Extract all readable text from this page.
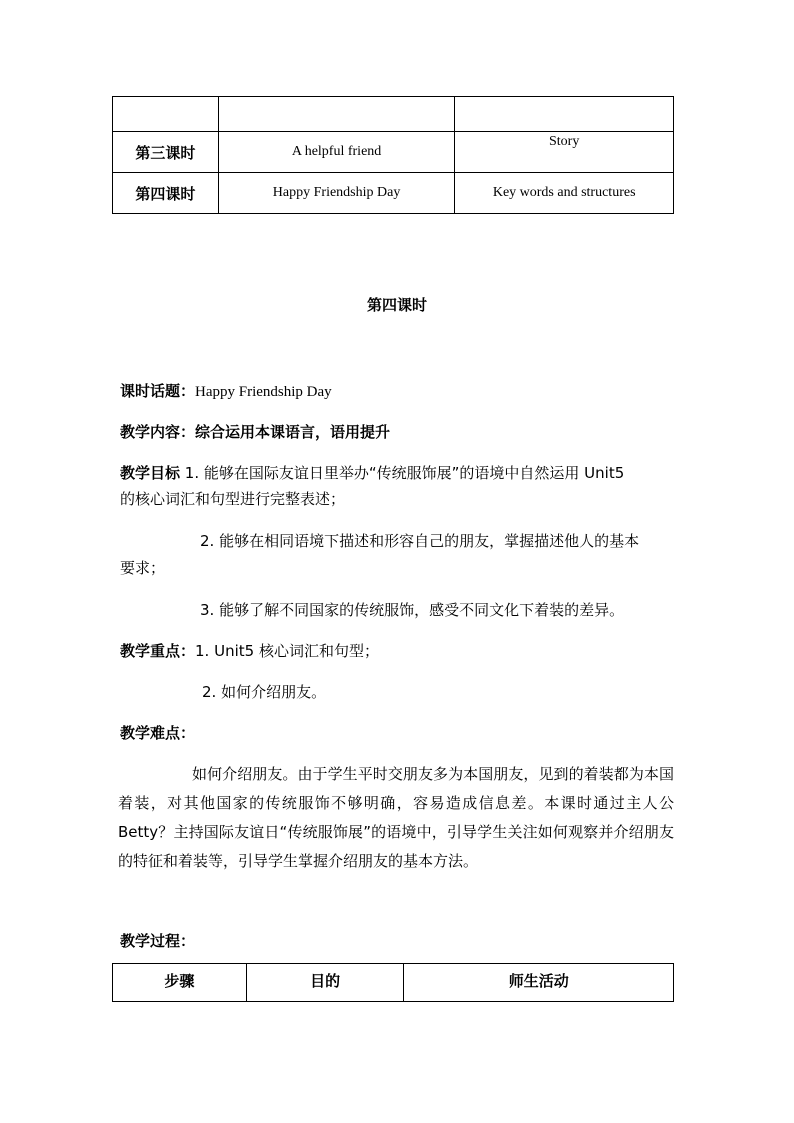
第三课时	A helpful friend	Story
第四课时	Happy Friendship Day	Key words and structures
第四课时
课时话题：Happy Friendship Day
教学内容：综合运用本课语言，语用提升
教学目标 1. 能够在国际友谊日里举办“传统服饰展”的语境中自然运用 Unit5
的核心词汇和句型进行完整表述；
2. 能够在相同语境下描述和形容自己的朋友，掌握描述他人的基本
要求；
3. 能够了解不同国家的传统服饰，感受不同文化下着装的差异。
教学重点：1. Unit5 核心词汇和句型；
2. 如何介绍朋友。
教学难点：
如何介绍朋友。由于学生平时交朋友多为本国朋友，见到的着装都为本国着装，对其他国家的传统服饰不够明确，容易造成信息差。本课时通过主人公 Betty？主持国际友谊日“传统服饰展”的语境中，引导学生关注如何观察并介绍朋友的特征和着装等，引导学生掌握介绍朋友的基本方法。
教学过程：
步骤	目的	师生活动
